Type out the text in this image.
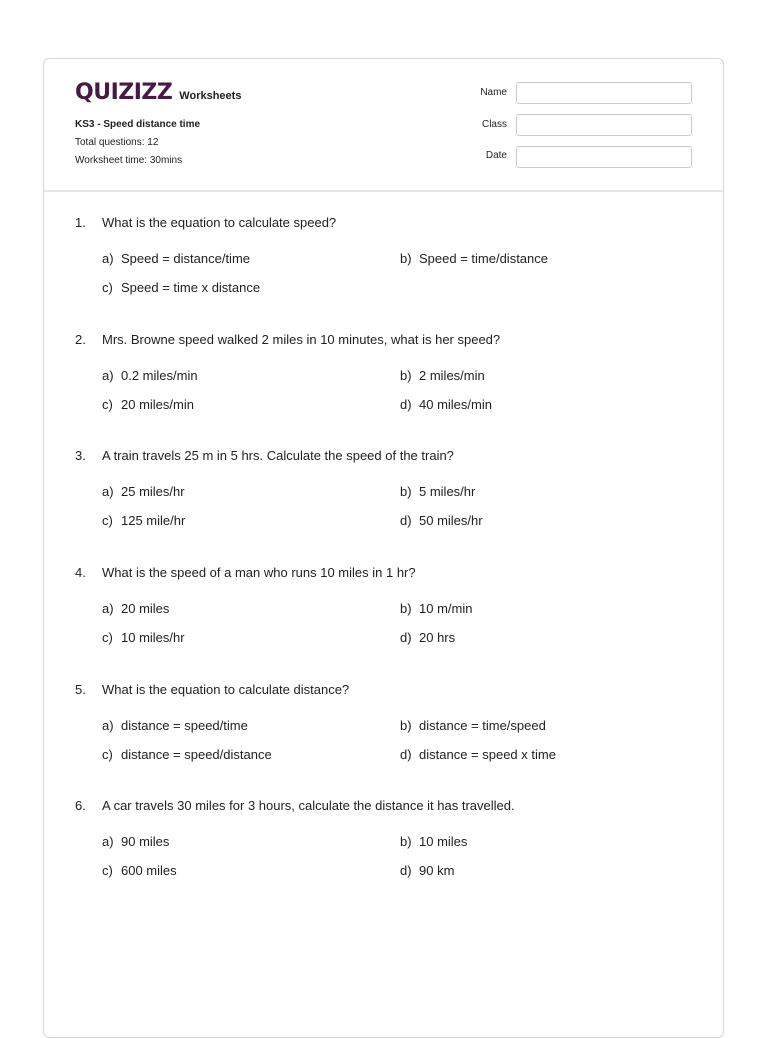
QUIZIZZ Worksheets
KS3 - Speed distance time
Total questions: 12
Worksheet time: 30mins
Name
Class
Date
1.	What is the equation to calculate speed?
a) Speed = distance/time	b) Speed = time/distance
c) Speed = time x distance
2.	Mrs. Browne speed walked 2 miles in 10 minutes, what is her speed?
a) 0.2 miles/min	b) 2 miles/min
c) 20 miles/min	d) 40 miles/min
3.	A train travels 25 m in 5 hrs. Calculate the speed of the train?
a) 25 miles/hr	b) 5 miles/hr
c) 125 mile/hr	d) 50 miles/hr
4.	What is the speed of a man who runs 10 miles in 1 hr?
a) 20 miles	b) 10 m/min
c) 10 miles/hr	d) 20 hrs
5.	What is the equation to calculate distance?
a) distance = speed/time	b) distance = time/speed
c) distance = speed/distance	d) distance = speed x time
6.	A car travels 30 miles for 3 hours, calculate the distance it has travelled.
a) 90 miles	b) 10 miles
c) 600 miles	d) 90 km
